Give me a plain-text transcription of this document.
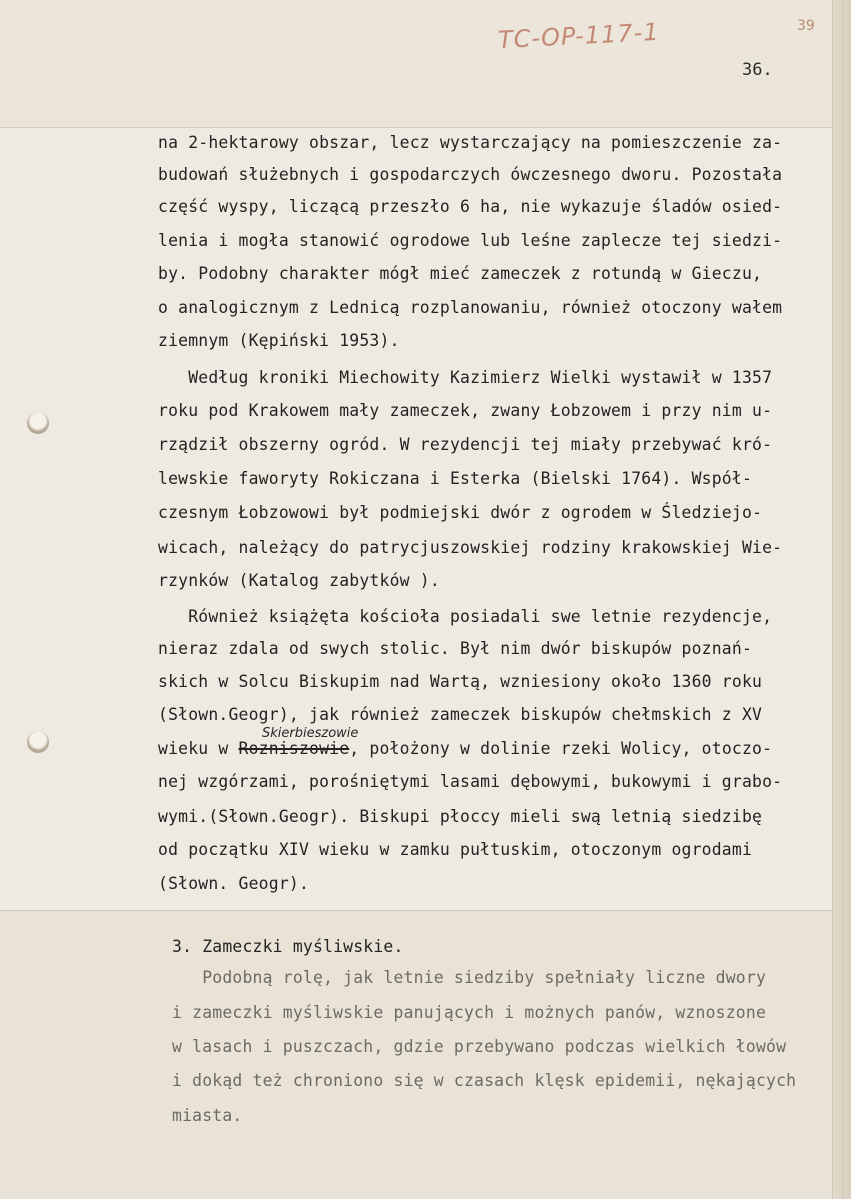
TC-OP-117-1	39
36.
na 2-hektarowy obszar, lecz wystarczający na pomieszczenie za-
budowań służebnych i gospodarczych ówczesnego dworu. Pozostała
część wyspy, liczącą przeszło 6 ha, nie wykazuje śladów osied-
lenia i mogła stanowić ogrodowe lub leśne zaplecze tej siedzi-
by. Podobny charakter mógł mieć zameczek z rotundą w Gieczu,
o analogicznym z Lednicą rozplanowaniu, również otoczony wałem
ziemnym (Kępiński 1953).
Według kroniki Miechowity Kazimierz Wielki wystawił w 1357
roku pod Krakowem mały zameczek, zwany Łobzowem i przy nim u-
rządził obszerny ogród. W rezydencji tej miały przebywać kró-
lewskie faworyty Rokiczana i Esterka (Bielski 1764). Współ-
czesnym Łobzowowi był podmiejski dwór z ogrodem w Śledziejo-
wicach, należący do patrycjuszowskiej rodziny krakowskiej Wie-
rzynków (Katalog zabytków ).
Również książęta kościoła posiadali swe letnie rezydencje,
nieraz zdala od swych stolic. Był nim dwór biskupów poznań-
skich w Solcu Biskupim nad Wartą, wzniesiony około 1360 roku
(Słown.Geogr), jak również zameczek biskupów chełmskich z XV
wieku w Rozniszowie, położony w dolinie rzeki Wolicy, otoczo-
nej wzgórzami, porośniętymi lasami dębowymi, bukowymi i grabo-
wymi.(Słown.Geogr). Biskupi płoccy mieli swą letnią siedzibę
od początku XIV wieku w zamku pułtuskim, otoczonym ogrodami
(Słown. Geogr).
Skierbieszowie
3. Zameczki myśliwskie.
Podobną rolę, jak letnie siedziby spełniały liczne dwory
i zameczki myśliwskie panujących i możnych panów, wznoszone
w lasach i puszczach, gdzie przebywano podczas wielkich łowów
i dokąd też chroniono się w czasach klęsk epidemii, nękających
miasta.
